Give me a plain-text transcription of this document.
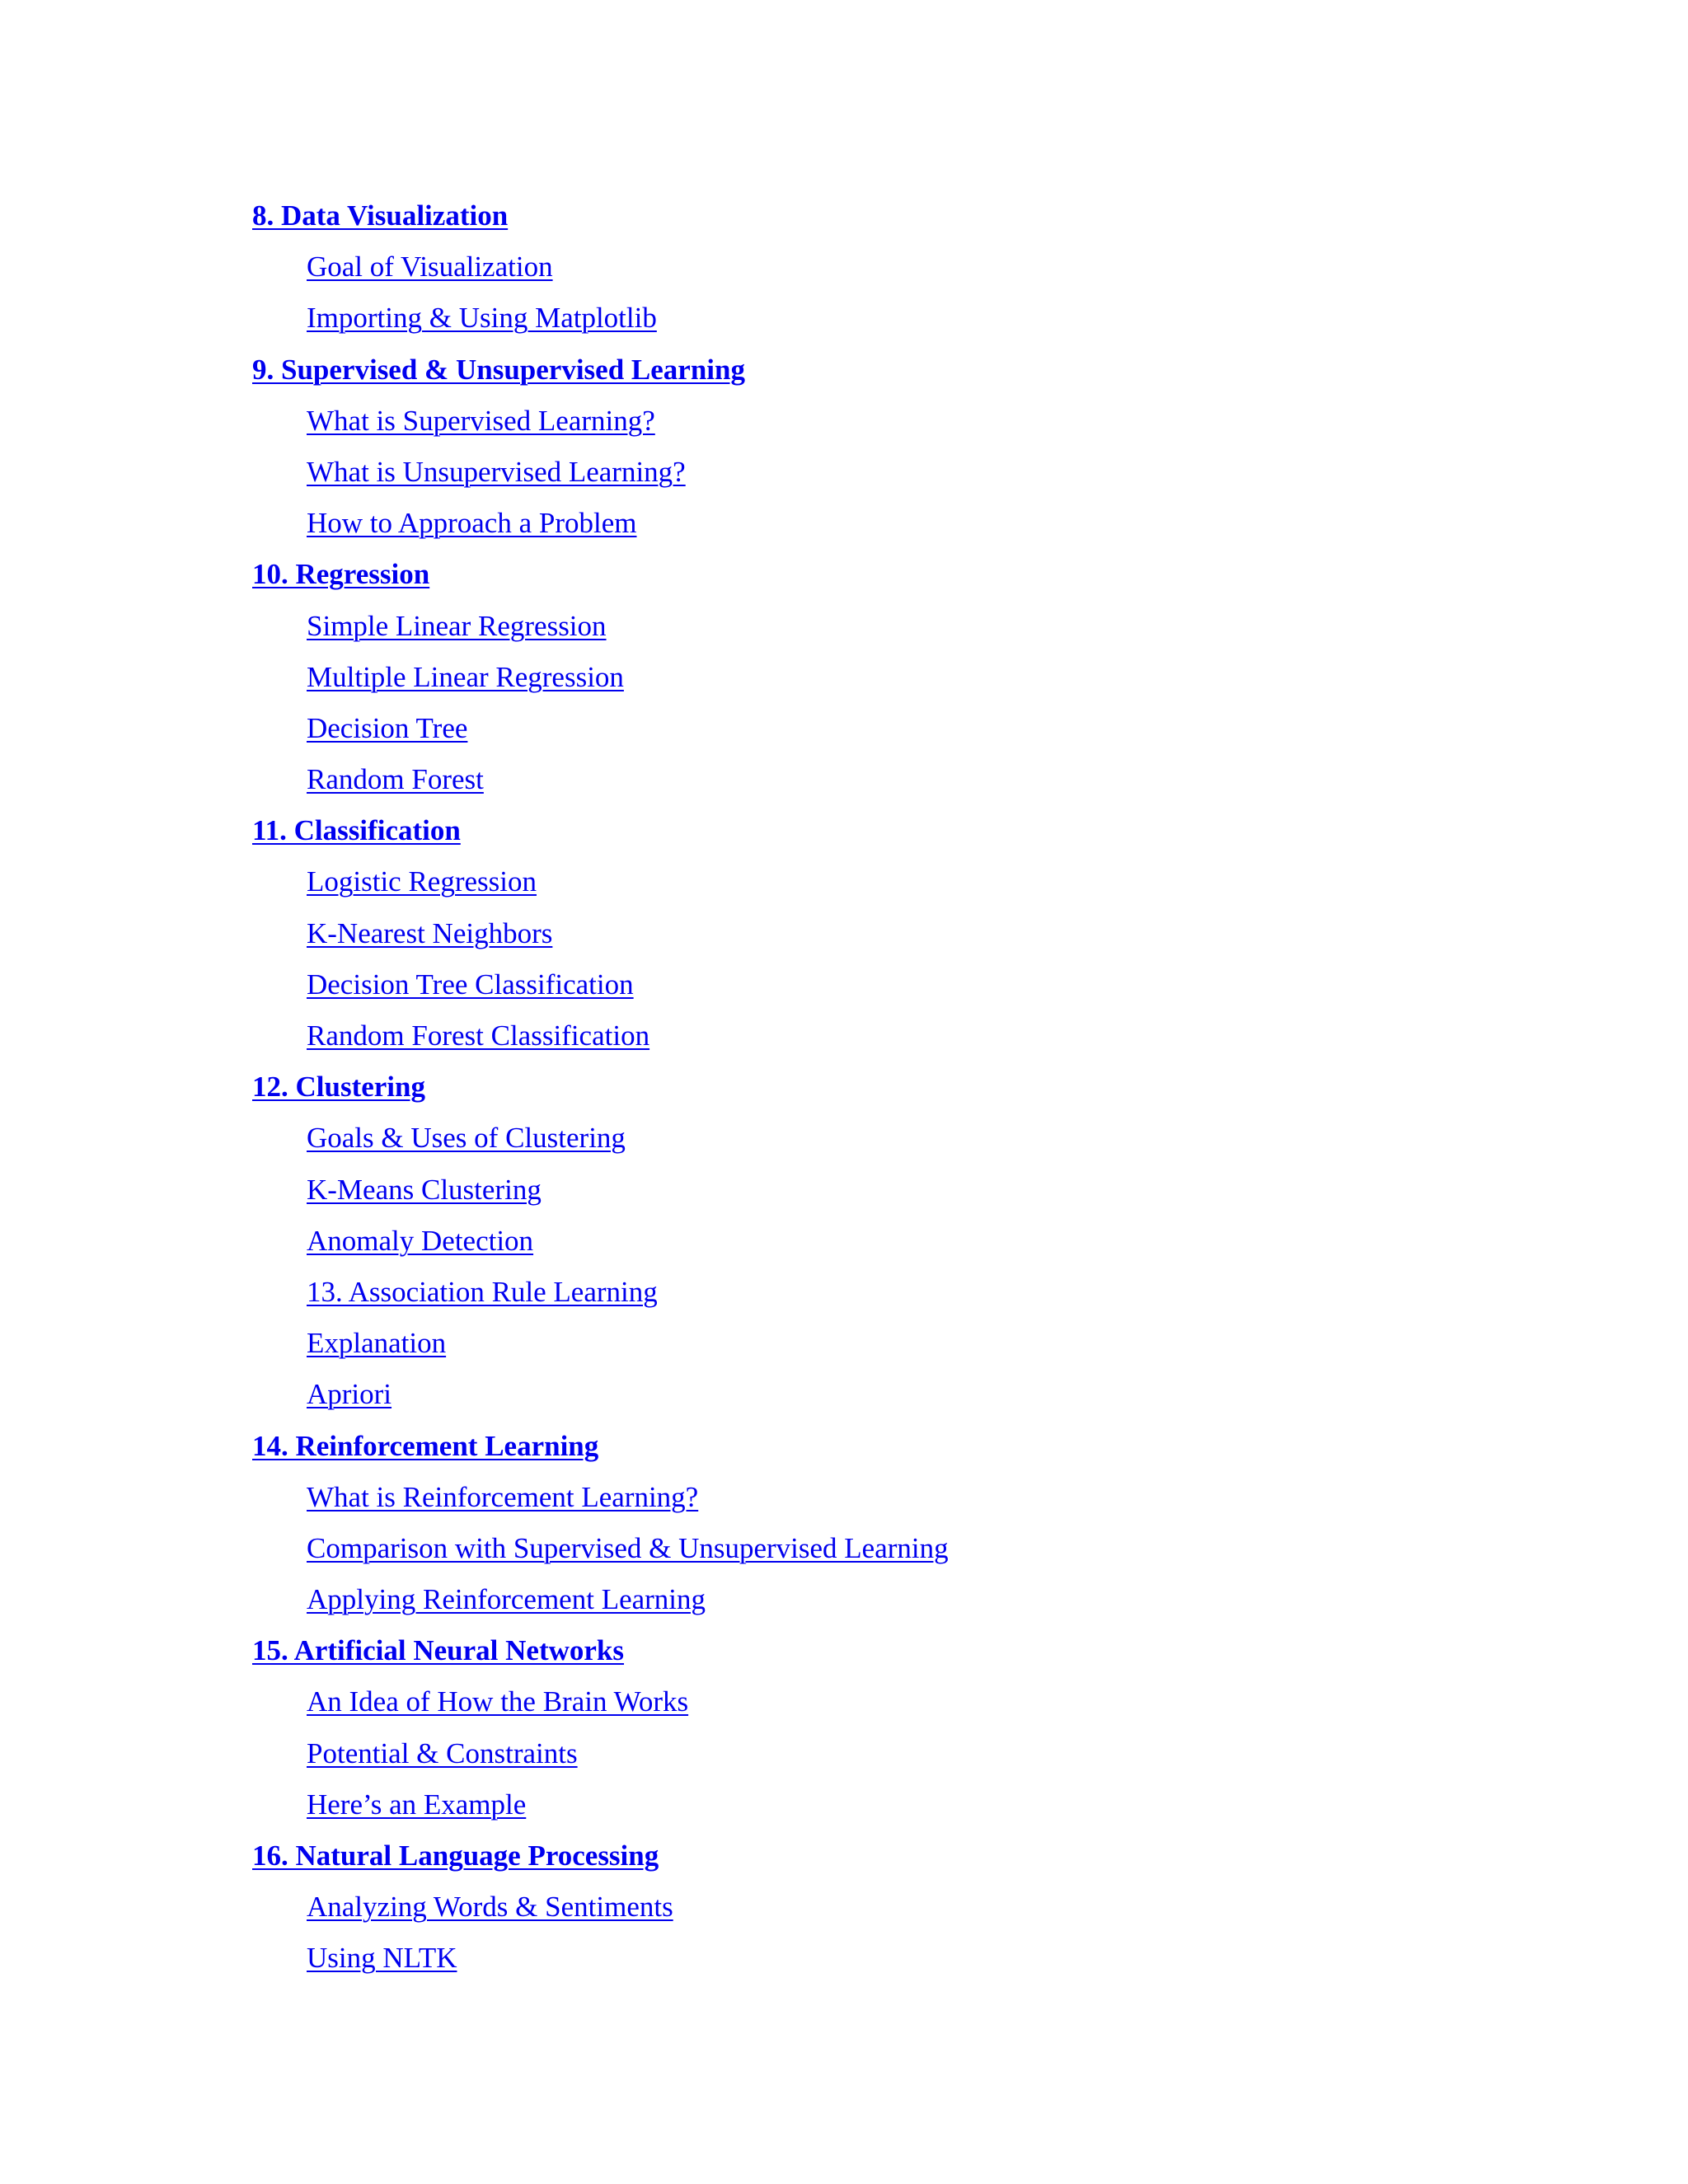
8. Data Visualization
Goal of Visualization
Importing & Using Matplotlib
9. Supervised & Unsupervised Learning
What is Supervised Learning?
What is Unsupervised Learning?
How to Approach a Problem
10. Regression
Simple Linear Regression
Multiple Linear Regression
Decision Tree
Random Forest
11. Classification
Logistic Regression
K-Nearest Neighbors
Decision Tree Classification
Random Forest Classification
12. Clustering
Goals & Uses of Clustering
K-Means Clustering
Anomaly Detection
13. Association Rule Learning
Explanation
Apriori
14. Reinforcement Learning
What is Reinforcement Learning?
Comparison with Supervised & Unsupervised Learning
Applying Reinforcement Learning
15. Artificial Neural Networks
An Idea of How the Brain Works
Potential & Constraints
Here’s an Example
16. Natural Language Processing
Analyzing Words & Sentiments
Using NLTK
